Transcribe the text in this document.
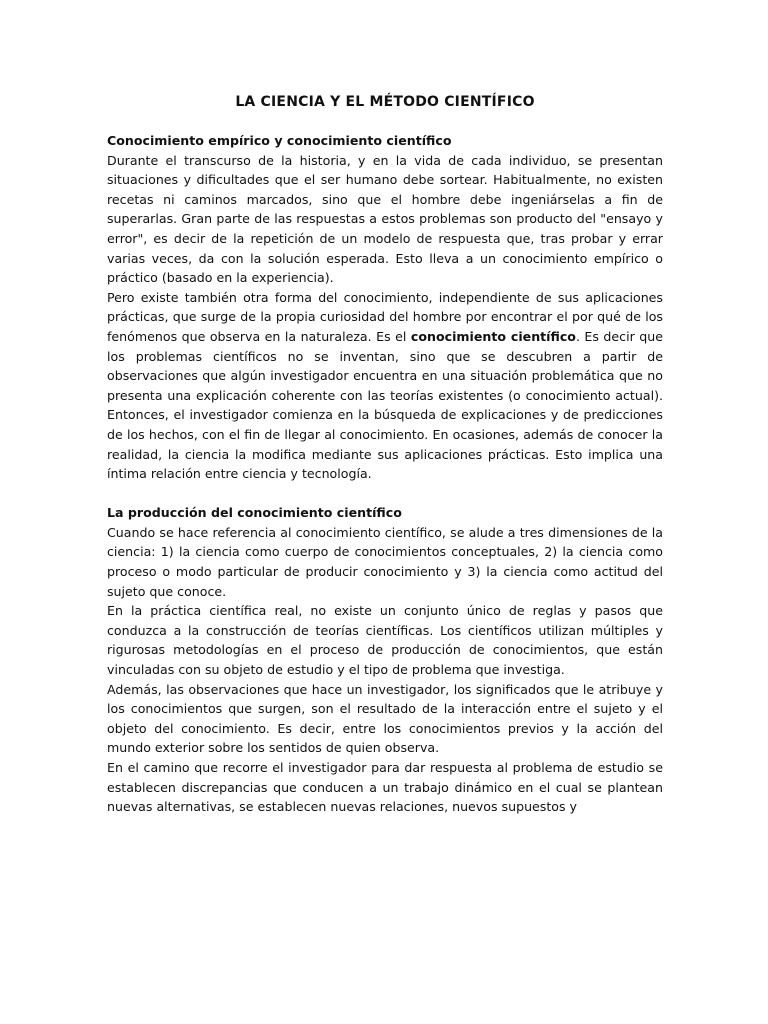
LA CIENCIA Y EL MÉTODO CIENTÍFICO
Conocimiento empírico y conocimiento científico

Durante el transcurso de la historia, y en la vida de cada individuo, se presentan situaciones y dificultades que el ser humano debe sortear. Habitualmente, no existen recetas ni caminos marcados, sino que el hombre debe ingeniárselas a fin de superarlas. Gran parte de las respuestas a estos problemas son producto del "ensayo y error", es decir de la repetición de un modelo de respuesta que, tras probar y errar varias veces, da con la solución esperada. Esto lleva a un conocimiento empírico o práctico (basado en la experiencia).

Pero existe también otra forma del conocimiento, independiente de sus aplicaciones prácticas, que surge de la propia curiosidad del hombre por encontrar el por qué de los fenómenos que observa en la naturaleza. Es el conocimiento científico. Es decir que los problemas científicos no se inventan, sino que se descubren a partir de observaciones que algún investigador encuentra en una situación problemática que no presenta una explicación coherente con las teorías existentes (o conocimiento actual). Entonces, el investigador comienza en la búsqueda de explicaciones y de predicciones de los hechos, con el fin de llegar al conocimiento. En ocasiones, además de conocer la realidad, la ciencia la modifica mediante sus aplicaciones prácticas. Esto implica una íntima relación entre ciencia y tecnología.

La producción del conocimiento científico

Cuando se hace referencia al conocimiento científico, se alude a tres dimensiones de la ciencia: 1) la ciencia como cuerpo de conocimientos conceptuales, 2) la ciencia como proceso o modo particular de producir conocimiento y 3) la ciencia como actitud del sujeto que conoce.

En la práctica científica real, no existe un conjunto único de reglas y pasos que conduzca a la construcción de teorías científicas. Los científicos utilizan múltiples y rigurosas metodologías en el proceso de producción de conocimientos, que están vinculadas con su objeto de estudio y el tipo de problema que investiga.

Además, las observaciones que hace un investigador, los significados que le atribuye y los conocimientos que surgen, son el resultado de la interacción entre el sujeto y el objeto del conocimiento. Es decir, entre los conocimientos previos y la acción del mundo exterior sobre los sentidos de quien observa.

En el camino que recorre el investigador para dar respuesta al problema de estudio se establecen discrepancias que conducen a un trabajo dinámico en el cual se plantean nuevas alternativas, se establecen nuevas relaciones, nuevos supuestos y
